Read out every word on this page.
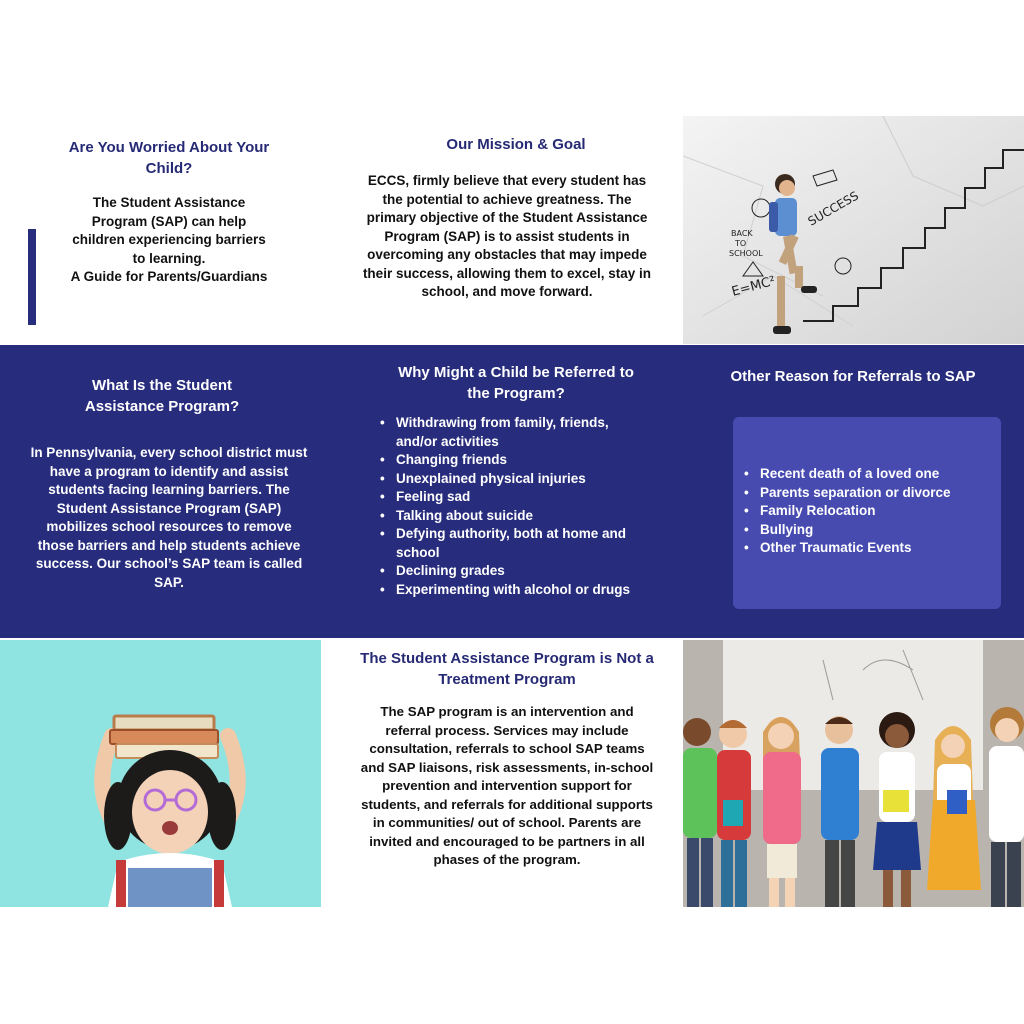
Are You Worried About Your Child?
The Student Assistance
Program (SAP) can help
children experiencing barriers
to learning.
A Guide for Parents/Guardians
Our Mission & Goal
ECCS, firmly believe that every student has the potential to achieve greatness. The primary objective of the Student Assistance Program (SAP) is to assist students in overcoming any obstacles that may impede their success, allowing them to excel, stay in school, and move forward.
BACK
TO
SCHOOL
SUCCESS
E=MC²
What Is the Student Assistance Program?
In Pennsylvania, every school district must have a program to identify and assist students facing learning barriers. The Student Assistance Program (SAP) mobilizes school resources to remove those barriers and help students achieve success. Our school’s SAP team is called SAP.
Why Might a Child be Referred to the Program?
• Withdrawing from family, friends, and/or activities
• Changing friends
• Unexplained physical injuries
• Feeling sad
• Talking about suicide
• Defying authority, both at home and school
• Declining grades
• Experimenting with alcohol or drugs
Other Reason for Referrals to SAP
• Recent death of a loved one
• Parents separation or divorce
• Family Relocation
• Bullying
• Other Traumatic Events
The Student Assistance Program is Not a Treatment Program
The SAP program is an intervention and referral process. Services may include consultation, referrals to school SAP teams and SAP liaisons, risk assessments, in-school prevention and intervention support for students, and referrals for additional supports in communities/ out of school. Parents are invited and encouraged to be partners in all phases of the program.
